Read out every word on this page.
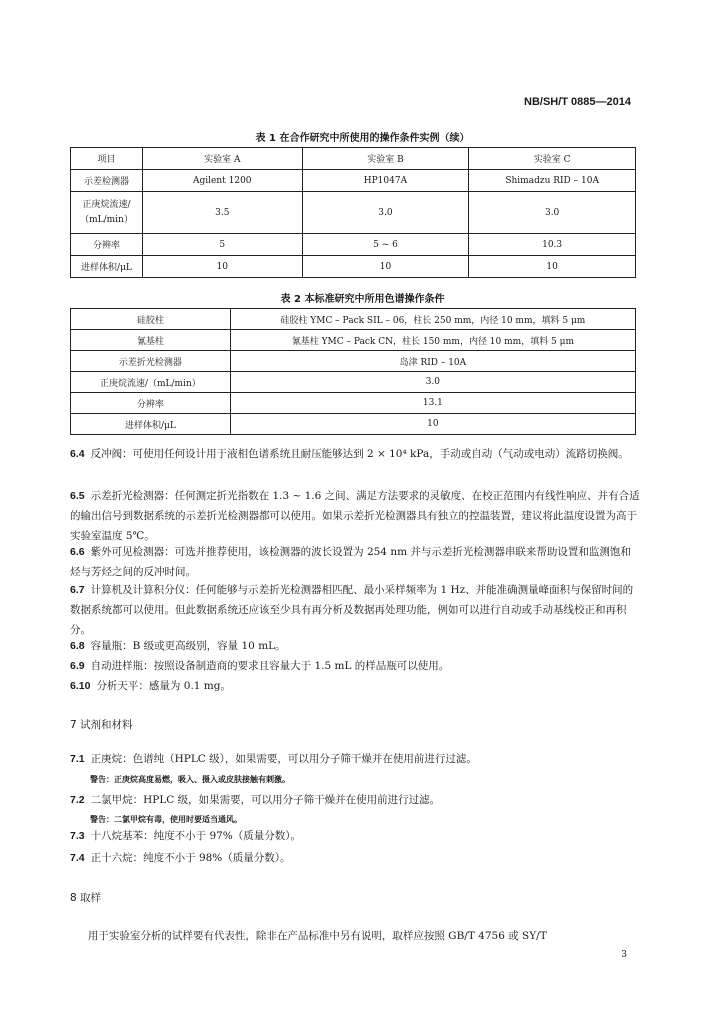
NB/SH/T 0885—2014
表 1 在合作研究中所使用的操作条件实例（续）
项目	实验室 A	实验室 B	实验室 C
示差检测器	Agilent 1200	HP1047A	Shimadzu RID – 10A
正庚烷流速/
（mL/min）	3.5	3.0	3.0
分辨率	5	5 ~ 6	10.3
进样体积/μL	10	10	10
表 2 本标准研究中所用色谱操作条件
硅胶柱	硅胶柱 YMC – Pack SIL – 06，柱长 250 mm，内径 10 mm，填料 5 μm
氰基柱	氰基柱 YMC – Pack CN，柱长 150 mm，内径 10 mm，填料 5 μm
示差折光检测器	岛津 RID – 10A
正庚烷流速/（mL/min）	3.0
分辨率	13.1
进样体积/μL	10
6.4 反冲阀：可使用任何设计用于液相色谱系统且耐压能够达到 2 × 10⁴ kPa，手动或自动（气动或电动）流路切换阀。
6.5 示差折光检测器：任何测定折光指数在 1.3 ~ 1.6 之间、满足方法要求的灵敏度、在校正范围内有线性响应、并有合适的输出信号到数据系统的示差折光检测器都可以使用。如果示差折光检测器具有独立的控温装置，建议将此温度设置为高于实验室温度 5℃。
6.6 紫外可见检测器：可选并推荐使用，该检测器的波长设置为 254 nm 并与示差折光检测器串联来帮助设置和监测饱和烃与芳烃之间的反冲时间。
6.7 计算机及计算积分仪：任何能够与示差折光检测器相匹配、最小采样频率为 1 Hz、并能准确测量峰面积与保留时间的数据系统都可以使用。但此数据系统还应该至少具有再分析及数据再处理功能，例如可以进行自动或手动基线校正和再积分。
6.8 容量瓶：B 级或更高级别，容量 10 mL。
6.9 自动进样瓶：按照设备制造商的要求且容量大于 1.5 mL 的样品瓶可以使用。
6.10 分析天平：感量为 0.1 mg。
7 试剂和材料
7.1 正庚烷：色谱纯（HPLC 级），如果需要，可以用分子筛干燥并在使用前进行过滤。
警告：正庚烷高度易燃，吸入、摄入或皮肤接触有刺激。
7.2 二氯甲烷：HPLC 级，如果需要，可以用分子筛干燥并在使用前进行过滤。
警告：二氯甲烷有毒，使用时要适当通风。
7.3 十八烷基苯：纯度不小于 97%（质量分数）。
7.4 正十六烷：纯度不小于 98%（质量分数）。
8 取样
用于实验室分析的试样要有代表性，除非在产品标准中另有说明，取样应按照 GB/T 4756 或 SY/T
3
